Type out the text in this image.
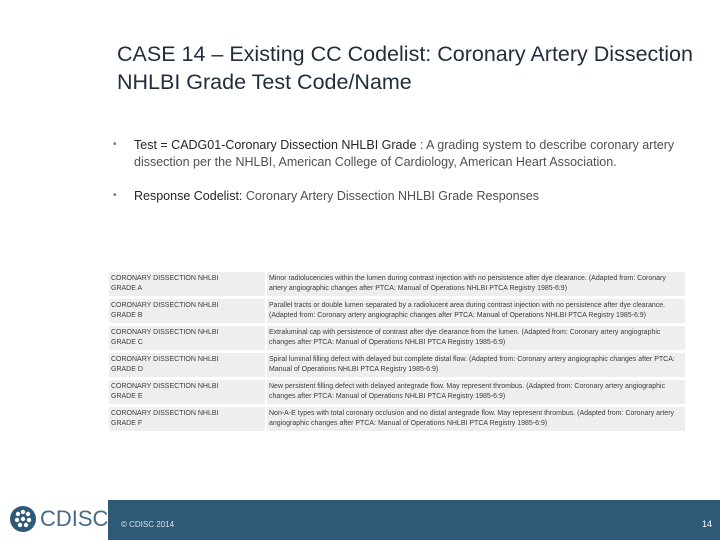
CASE 14 – Existing CC Codelist: Coronary Artery Dissection NHLBI Grade Test Code/Name
• Test = CADG01-Coronary Dissection NHLBI Grade : A grading system to describe coronary artery dissection per the NHLBI, American College of Cardiology, American Heart Association.
• Response Codelist: Coronary Artery Dissection NHLBI Grade Responses
CORONARY DISSECTION NHLBI GRADE A			Minor radiolucencies within the lumen during contrast injection with no persistence after dye clearance. (Adapted from: Coronary artery angiographic changes after PTCA: Manual of Operations NHLBI PTCA Registry 1985-6:9)
CORONARY DISSECTION NHLBI GRADE B			Parallel tracts or double lumen separated by a radiolucent area during contrast injection with no persistence after dye clearance. (Adapted from: Coronary artery angiographic changes after PTCA: Manual of Operations NHLBI PTCA Registry 1985-6:9)
CORONARY DISSECTION NHLBI GRADE C			Extraluminal cap with persistence of contrast after dye clearance from the lumen. (Adapted from: Coronary artery angiographic changes after PTCA: Manual of Operations NHLBI PTCA Registry 1985-6:9)
CORONARY DISSECTION NHLBI GRADE D			Spiral luminal filling defect with delayed but complete distal flow. (Adapted from: Coronary artery angiographic changes after PTCA: Manual of Operations NHLBI PTCA Registry 1985-6:9)
CORONARY DISSECTION NHLBI GRADE E			New persistent filling defect with delayed antegrade flow. May represent thrombus. (Adapted from: Coronary artery angiographic changes after PTCA: Manual of Operations NHLBI PTCA Registry 1985-6:9)
CORONARY DISSECTION NHLBI GRADE F			Non-A-E types with total coronary occlusion and no distal antegrade flow. May represent thrombus. (Adapted from: Coronary artery angiographic changes after PTCA: Manual of Operations NHLBI PTCA Registry 1985-6:9)
CDISC © CDISC 2014	14
